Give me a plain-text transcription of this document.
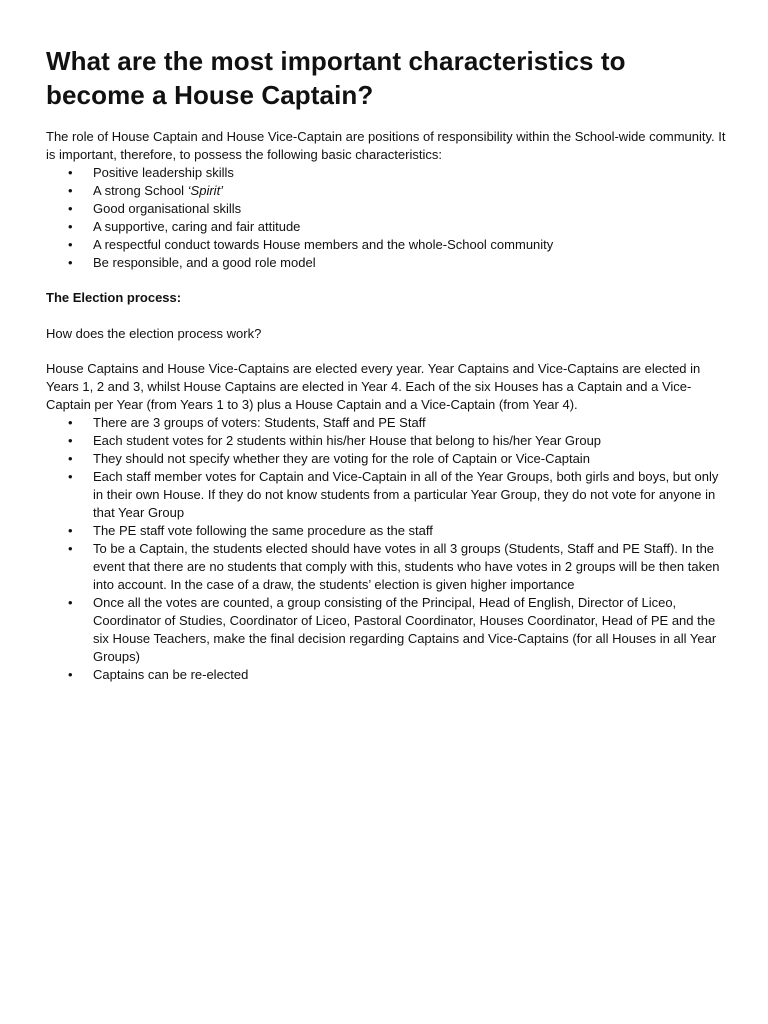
What are the most important characteristics to become a House Captain?

The role of House Captain and House Vice-Captain are positions of responsibility within the School-wide community. It is important, therefore, to possess the following basic characteristics:

• Positive leadership skills
• A strong School ‘Spirit’
• Good organisational skills
• A supportive, caring and fair attitude
• A respectful conduct towards House members and the whole-School community
• Be responsible, and a good role model

The Election process:

How does the election process work?

House Captains and House Vice-Captains are elected every year. Year Captains and Vice-Captains are elected in Years 1, 2 and 3, whilst House Captains are elected in Year 4. Each of the six Houses has a Captain and a Vice-Captain per Year (from Years 1 to 3) plus a House Captain and a Vice-Captain (from Year 4).

• There are 3 groups of voters: Students, Staff and PE Staff
• Each student votes for 2 students within his/her House that belong to his/her Year Group
• They should not specify whether they are voting for the role of Captain or Vice-Captain
• Each staff member votes for Captain and Vice-Captain in all of the Year Groups, both girls and boys, but only in their own House. If they do not know students from a particular Year Group, they do not vote for anyone in that Year Group
• The PE staff vote following the same procedure as the staff
• To be a Captain, the students elected should have votes in all 3 groups (Students, Staff and PE Staff). In the event that there are no students that comply with this, students who have votes in 2 groups will be then taken into account. In the case of a draw, the students’ election is given higher importance
• Once all the votes are counted, a group consisting of the Principal, Head of English, Director of Liceo, Coordinator of Studies, Coordinator of Liceo, Pastoral Coordinator, Houses Coordinator, Head of PE and the six House Teachers, make the final decision regarding Captains and Vice-Captains (for all Houses in all Year Groups)
• Captains can be re-elected
